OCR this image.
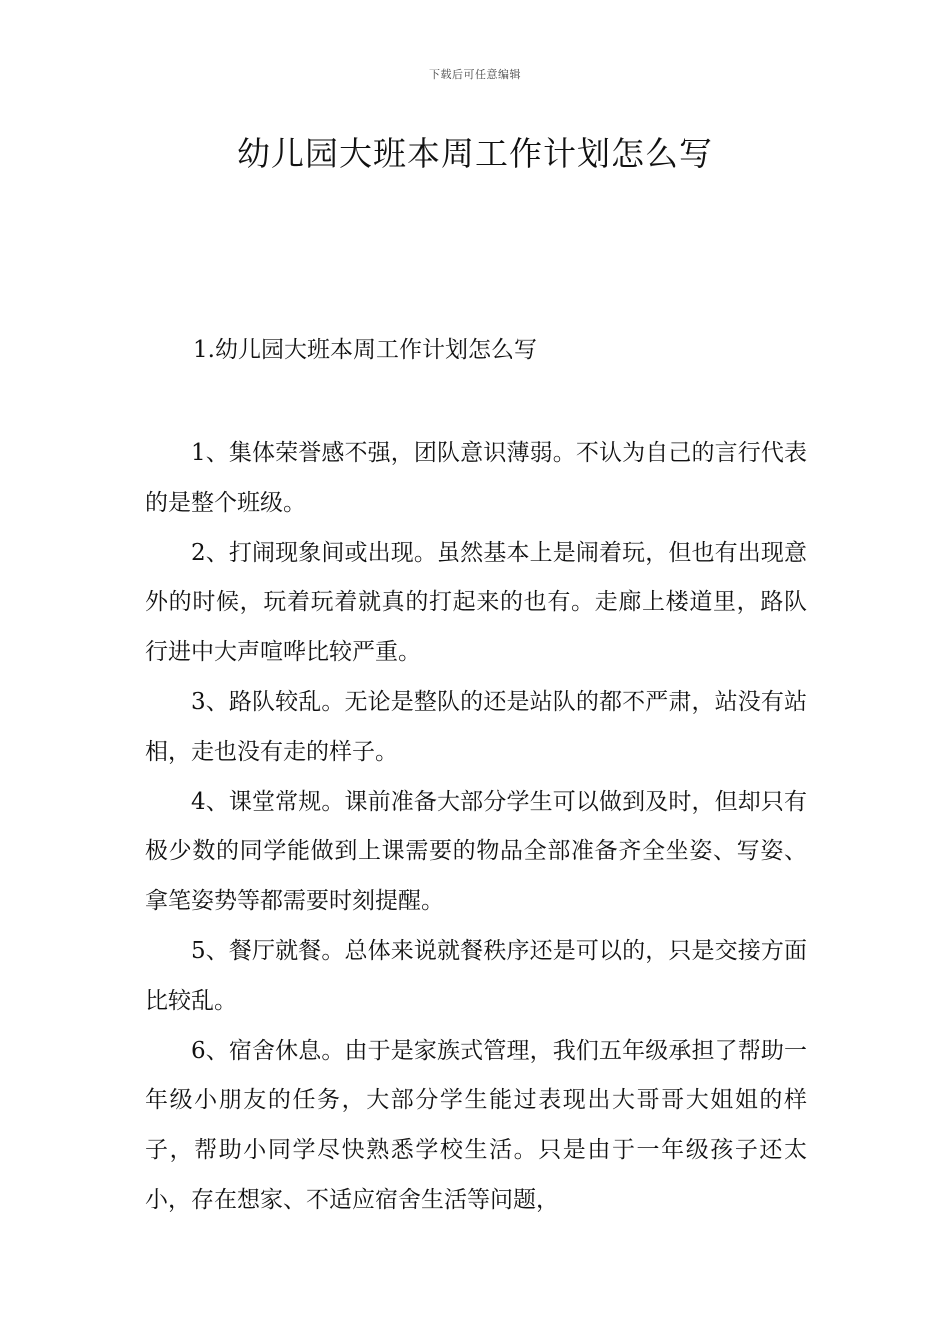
下载后可任意编辑
幼儿园大班本周工作计划怎么写

1.幼儿园大班本周工作计划怎么写

1、集体荣誉感不强，团队意识薄弱。不认为自己的言行代表的是整个班级。

2、打闹现象间或出现。虽然基本上是闹着玩，但也有出现意外的时候，玩着玩着就真的打起来的也有。走廊上楼道里，路队行进中大声喧哗比较严重。

3、路队较乱。无论是整队的还是站队的都不严肃，站没有站相，走也没有走的样子。

4、课堂常规。课前准备大部分学生可以做到及时，但却只有极少数的同学能做到上课需要的物品全部准备齐全坐姿、写姿、拿笔姿势等都需要时刻提醒。

5、餐厅就餐。总体来说就餐秩序还是可以的，只是交接方面比较乱。

6、宿舍休息。由于是家族式管理，我们五年级承担了帮助一年级小朋友的任务，大部分学生能过表现出大哥哥大姐姐的样子，帮助小同学尽快熟悉学校生活。只是由于一年级孩子还太小，存在想家、不适应宿舍生活等问题，
